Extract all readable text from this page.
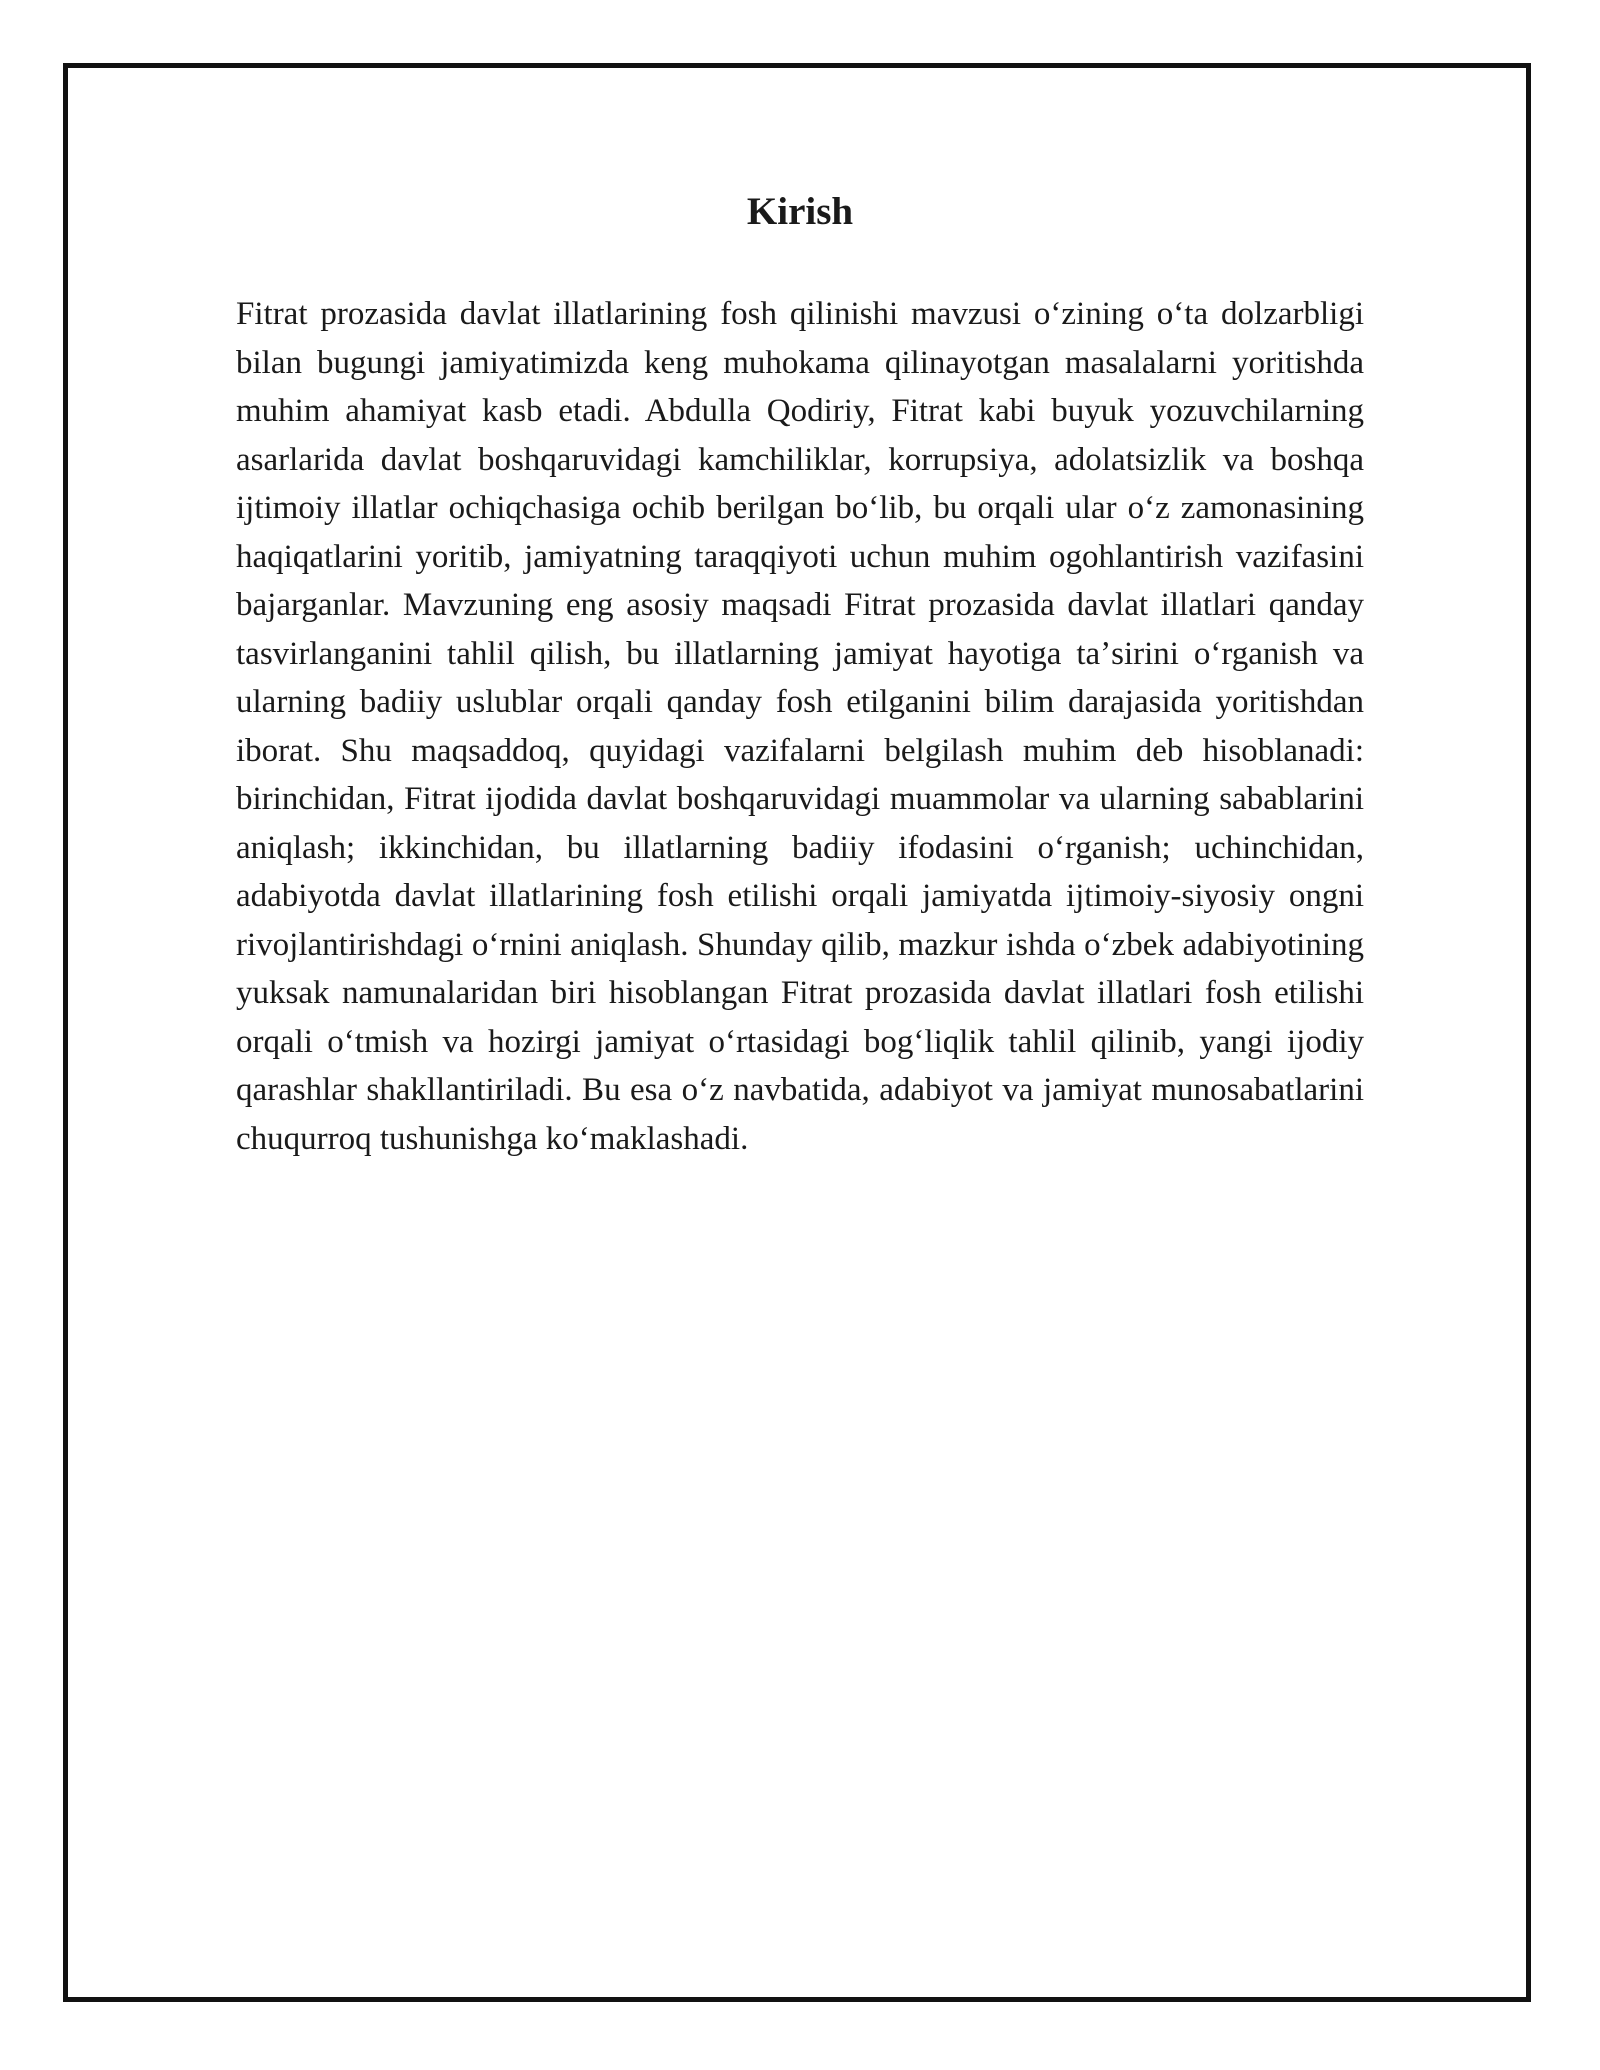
Kirish

Fitrat prozasida davlat illatlarining fosh qilinishi mavzusi oʻzining oʻta dolzarbligi bilan bugungi jamiyatimizda keng muhokama qilinayotgan masalalarni yoritishda muhim ahamiyat kasb etadi. Abdulla Qodiriy, Fitrat kabi buyuk yozuvchilarning asarlarida davlat boshqaruvidagi kamchiliklar, korrupsiya, adolatsizlik va boshqa ijtimoiy illatlar ochiqchasiga ochib berilgan boʻlib, bu orqali ular oʻz zamonasining haqiqatlarini yoritib, jamiyatning taraqqiyoti uchun muhim ogohlantirish vazifasini bajarganlar. Mavzuning eng asosiy maqsadi Fitrat prozasida davlat illatlari qanday tasvirlanganini tahlil qilish, bu illatlarning jamiyat hayotiga taʼsirini oʻrganish va ularning badiiy uslublar orqali qanday fosh etilganini bilim darajasida yoritishdan iborat. Shu maqsaddoq, quyidagi vazifalarni belgilash muhim deb hisoblanadi: birinchidan, Fitrat ijodida davlat boshqaruvidagi muammolar va ularning sabablarini aniqlash; ikkinchidan, bu illatlarning badiiy ifodasini oʻrganish; uchinchidan, adabiyotda davlat illatlarining fosh etilishi orqali jamiyatda ijtimoiy-siyosiy ongni rivojlantirishdagi oʻrnini aniqlash. Shunday qilib, mazkur ishda oʻzbek adabiyotining yuksak namunalaridan biri hisoblangan Fitrat prozasida davlat illatlari fosh etilishi orqali oʻtmish va hozirgi jamiyat oʻrtasidagi bogʻliqlik tahlil qilinib, yangi ijodiy qarashlar shakllantiriladi. Bu esa oʻz navbatida, adabiyot va jamiyat munosabatlarini chuqurroq tushunishga koʻmaklashadi.
